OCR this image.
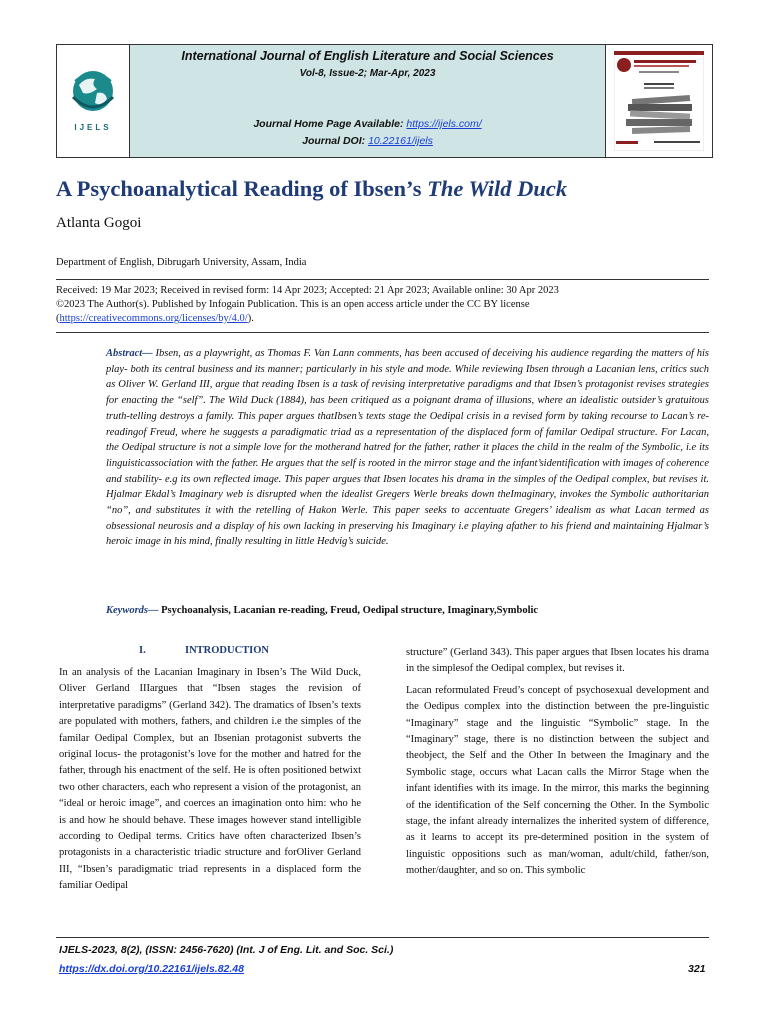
IJELS
International Journal of English Literature and Social Sciences
Vol-8, Issue-2; Mar-Apr, 2023
Journal Home Page Available: https://ijels.com/
Journal DOI: 10.22161/ijels
A Psychoanalytical Reading of Ibsen’s The Wild Duck
Atlanta Gogoi
Department of English, Dibrugarh University, Assam, India
Received: 19 Mar 2023; Received in revised form: 14 Apr 2023; Accepted: 21 Apr 2023; Available online: 30 Apr 2023
©2023 The Author(s). Published by Infogain Publication. This is an open access article under the CC BY license
(https://creativecommons.org/licenses/by/4.0/).
Abstract— Ibsen, as a playwright, as Thomas F. Van Lann comments, has been accused of deceiving his audience regarding the matters of his play- both its central business and its manner; particularly in his style and mode. While reviewing Ibsen through a Lacanian lens, critics such as Oliver W. Gerland III, argue that reading Ibsen is a task of revising interpretative paradigms and that Ibsen’s protagonist revises strategies for enacting the “self”. The Wild Duck (1884), has been critiqued as a poignant drama of illusions, where an idealistic outsider’s gratuitous truth-telling destroys a family. This paper argues thatIbsen’s texts stage the Oedipal crisis in a revised form by taking recourse to Lacan’s re-readingof Freud, where he suggests a paradigmatic triad as a representation of the displaced form of familar Oedipal structure. For Lacan, the Oedipal structure is not a simple love for the motherand hatred for the father, rather it places the child in the realm of the Symbolic, i.e its linguisticassociation with the father. He argues that the self is rooted in the mirror stage and the infant’sidentification with images of coherence and stability- e.g its own reflected image. This paper argues that Ibsen locates his drama in the simples of the Oedipal complex, but revises it. Hjalmar Ekdal’s Imaginary web is disrupted when the idealist Gregers Werle breaks down theImaginary, invokes the Symbolic authoritarian “no”, and substitutes it with the retelling of Hakon Werle. This paper seeks to accentuate Gregers’ idealism as what Lacan termed as obsessional neurosis and a display of his own lacking in preserving his Imaginary i.e playing afather to his friend and maintaining Hjalmar’s heroic image in his mind, finally resulting in little Hedvig’s suicide.
Keywords— Psychoanalysis, Lacanian re-reading, Freud, Oedipal structure, Imaginary,Symbolic
I.	INTRODUCTION

In an analysis of the Lacanian Imaginary in Ibsen’s The Wild Duck, Oliver Gerland IIIargues that “Ibsen stages the revision of interpretative paradigms” (Gerland 342). The dramatics of Ibsen’s texts are populated with mothers, fathers, and children i.e the simples of the familar Oedipal Complex, but an Ibsenian protagonist subverts the original locus- the protagonist’s love for the mother and hatred for the father, through his enactment of the self. He is often positioned betwixt two other characters, each who represent a vision of the protagonist, an “ideal or heroic image”, and coerces an imagination onto him: who he is and how he should behave. These images however stand intelligible according to Oedipal terms. Critics have often characterized Ibsen’s protagonists in a characteristic triadic structure and forOliver Gerland III, “Ibsen’s paradigmatic triad represents in a displaced form the familiar Oedipal

structure” (Gerland 343). This paper argues that Ibsen locates his drama in the simplesof the Oedipal complex, but revises it.

Lacan reformulated Freud’s concept of psychosexual development and the Oedipus complex into the distinction between the pre-linguistic “Imaginary” stage and the linguistic “Symbolic” stage. In the “Imaginary” stage, there is no distinction between the subject and theobject, the Self and the Other In between the Imaginary and the Symbolic stage, occurs what Lacan calls the Mirror Stage when the infant identifies with its image. In the mirror, this marks the beginning of the identification of the Self concerning the Other. In the Symbolic stage, the infant already internalizes the inherited system of difference, as it learns to accept its pre-determined position in the system of linguistic oppositions such as man/woman, adult/child, father/son, mother/daughter, and so on. This symbolic

IJELS-2023, 8(2), (ISSN: 2456-7620) (Int. J of Eng. Lit. and Soc. Sci.)
https://dx.doi.org/10.22161/ijels.82.48	321
